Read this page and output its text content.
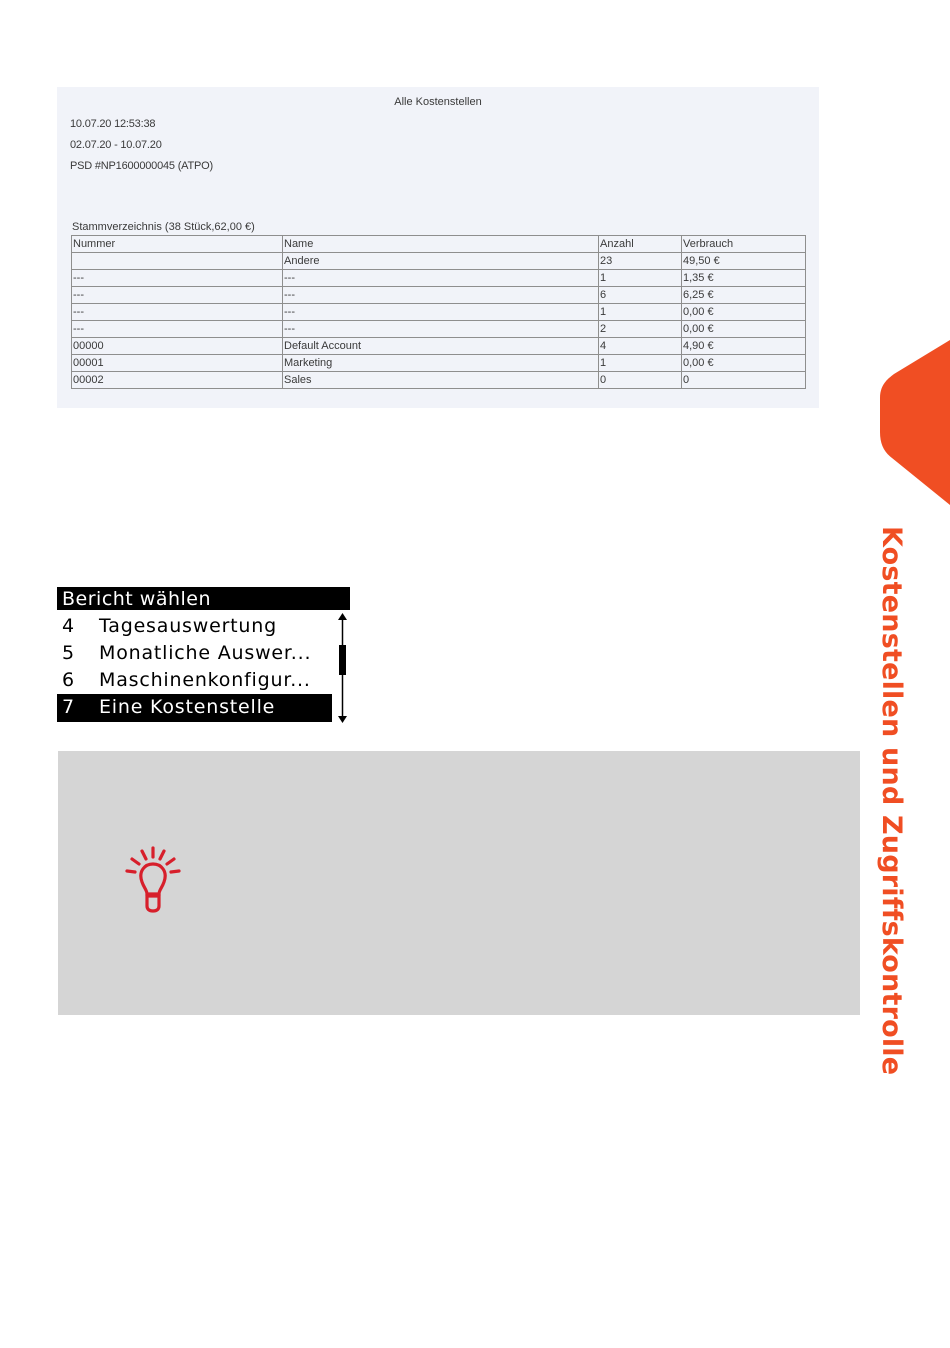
Alle Kostenstellen
10.07.20 12:53:38
02.07.20 - 10.07.20
PSD #NP1600000045 (ATPO)
Stammverzeichnis (38 Stück,62,00 €)
Nummer	Name	Anzahl	Verbrauch
	Andere	23	49,50 €
---	---	1	1,35 €
---	---	6	6,25 €
---	---	1	0,00 €
---	---	2	0,00 €
00000	Default Account	4	4,90 €
00001	Marketing	1	0,00 €
00002	Sales	0	0
Bericht wählen
4 Tagesauswertung
5 Monatliche Auswer...
6 Maschinenkonfigur...
7 Eine Kostenstelle	Kostenstellen und Zugriffskontrolle
